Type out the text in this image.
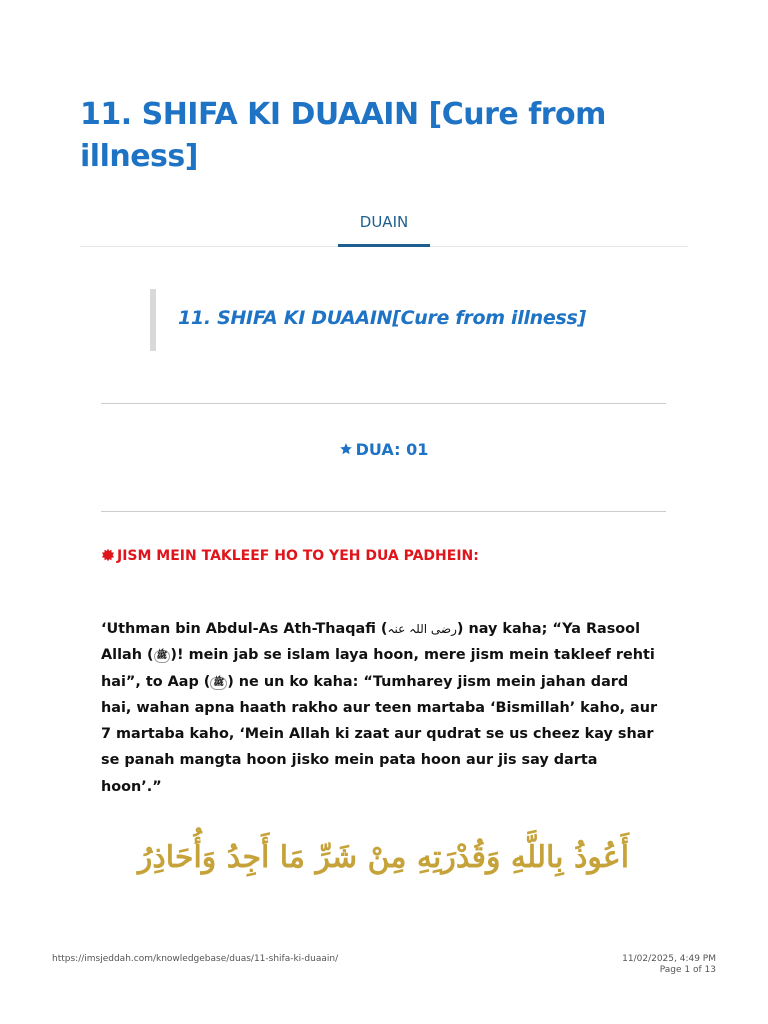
11. SHIFA KI DUAAIN [Cure from illness]
DUAIN
11. SHIFA KI DUAAIN[Cure from illness]
DUA: 01
JISM MEIN TAKLEEF HO TO YEH DUA PADHEIN:

‘Uthman bin Abdul-As Ath-Thaqafi (رضی اللہ عنہ) nay kaha; “Ya Rasool Allah ( ﷺ )! mein jab se islam laya hoon, mere jism mein takleef rehti hai”, to Aap ( ﷺ ) ne un ko kaha: “Tumharey jism mein jahan dard hai, wahan apna haath rakho aur teen martaba ‘Bismillah’ kaho, aur 7 martaba kaho, ‘Mein Allah ki zaat aur qudrat se us cheez kay shar se panah mangta hoon jisko mein pata hoon aur jis say darta hoon’.”

أَعُوذُ بِاللَّهِ وَقُدْرَتِهِ مِنْ شَرِّ مَا أَجِدُ وَأُحَاذِرُ
https://imsjeddah.com/knowledgebase/duas/11-shifa-ki-duaain/	11/02/2025, 4:49 PM
Page 1 of 13
